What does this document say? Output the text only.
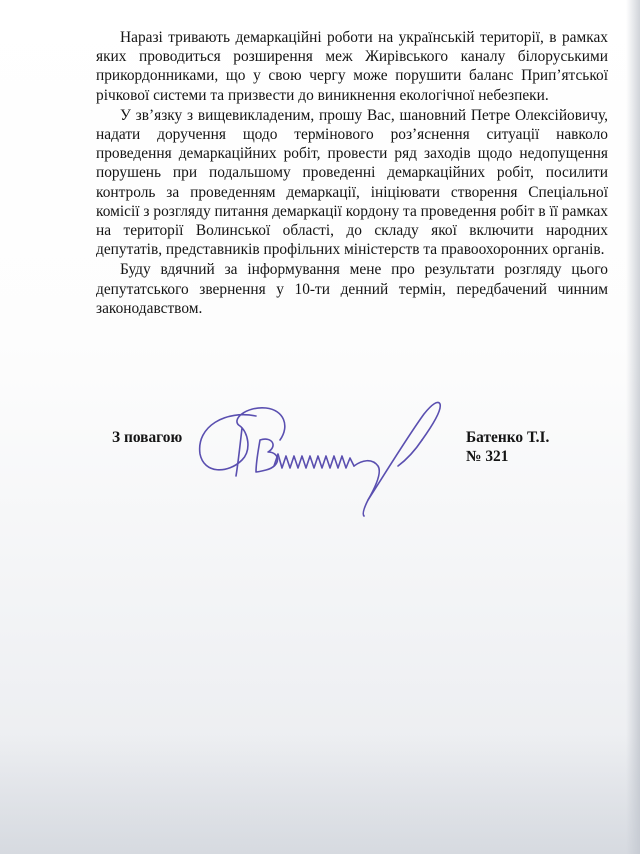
Наразі тривають демаркаційні роботи на українській території, в рамках яких проводиться розширення меж Жирівського каналу білоруськими прикордонниками, що у свою чергу може порушити баланс Прип’ятської річкової системи та призвести до виникнення екологічної небезпеки.

У зв’язку з вищевикладеним, прошу Вас, шановний Петре Олексійовичу, надати доручення щодо термінового роз’яснення ситуації навколо проведення демаркаційних робіт, провести ряд заходів щодо недопущення порушень при подальшому проведенні демаркаційних робіт, посилити контроль за проведенням демаркації, ініціювати створення Спеціальної комісії з розгляду питання демаркації кордону та проведення робіт в її рамках на території Волинської області, до складу якої включити народних депутатів, представників профільних міністерств та правоохоронних органів.

Буду вдячний за інформування мене про результати розгляду цього депутатського звернення у 10-ти денний термін, передбачений чинним законодавством.

З повагою	Батенко Т.І.
№ 321
